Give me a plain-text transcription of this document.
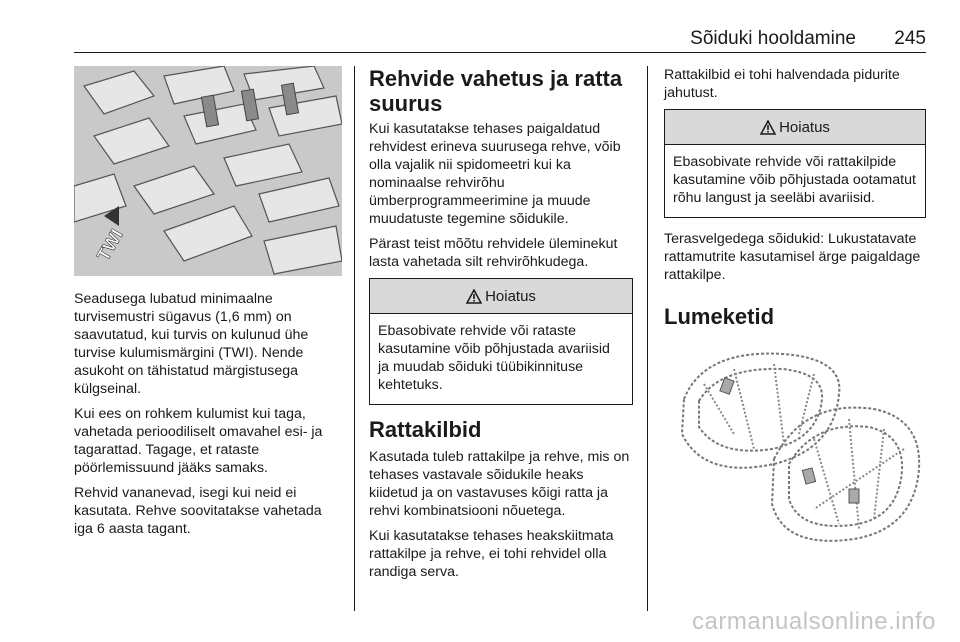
Sõiduki hooldamine 245
TWI

Seadusega lubatud minimaalne turvisemustri sügavus (1,6 mm) on saavutatud, kui turvis on kulunud ühe turvise kulumismärgini (TWI). Nende asukoht on tähistatud märgistusega külgseinal.

Kui ees on rohkem kulumist kui taga, vahetada perioodiliselt omavahel esi- ja tagarattad. Tagage, et rataste pöörlemissuund jääks samaks.

Rehvid vananevad, isegi kui neid ei kasutata. Rehve soovitatakse vahetada iga 6 aasta tagant.

Rehvide vahetus ja ratta suurus

Kui kasutatakse tehases paigaldatud rehvidest erineva suurusega rehve, võib olla vajalik nii spidomeetri kui ka nominaalse rehvirõhu ümberprogrammeerimine ja muude muudatuste tegemine sõidukile.

Pärast teist mõõtu rehvidele üleminekut lasta vahetada silt rehvirõhkudega.

Hoiatus

Ebasobivate rehvide või rataste kasutamine võib põhjustada avariisid ja muudab sõiduki tüübikinnituse kehtetuks.

Rattakilbid

Kasutada tuleb rattakilpe ja rehve, mis on tehases vastavale sõidukile heaks kiidetud ja on vastavuses kõigi ratta ja rehvi kombinatsiooni nõuetega.

Kui kasutatakse tehases heakskiitmata rattakilpe ja rehve, ei tohi rehvidel olla randiga serva.

Rattakilbid ei tohi halvendada pidurite jahutust.

Hoiatus

Ebasobivate rehvide või rattakilpide kasutamine võib põhjustada ootamatut rõhu langust ja seeläbi avariisid.

Terasvelgedega sõidukid: Lukustatavate rattamutrite kasutamisel ärge paigaldage rattakilpe.

Lumeketid
carmanualsonline.info
